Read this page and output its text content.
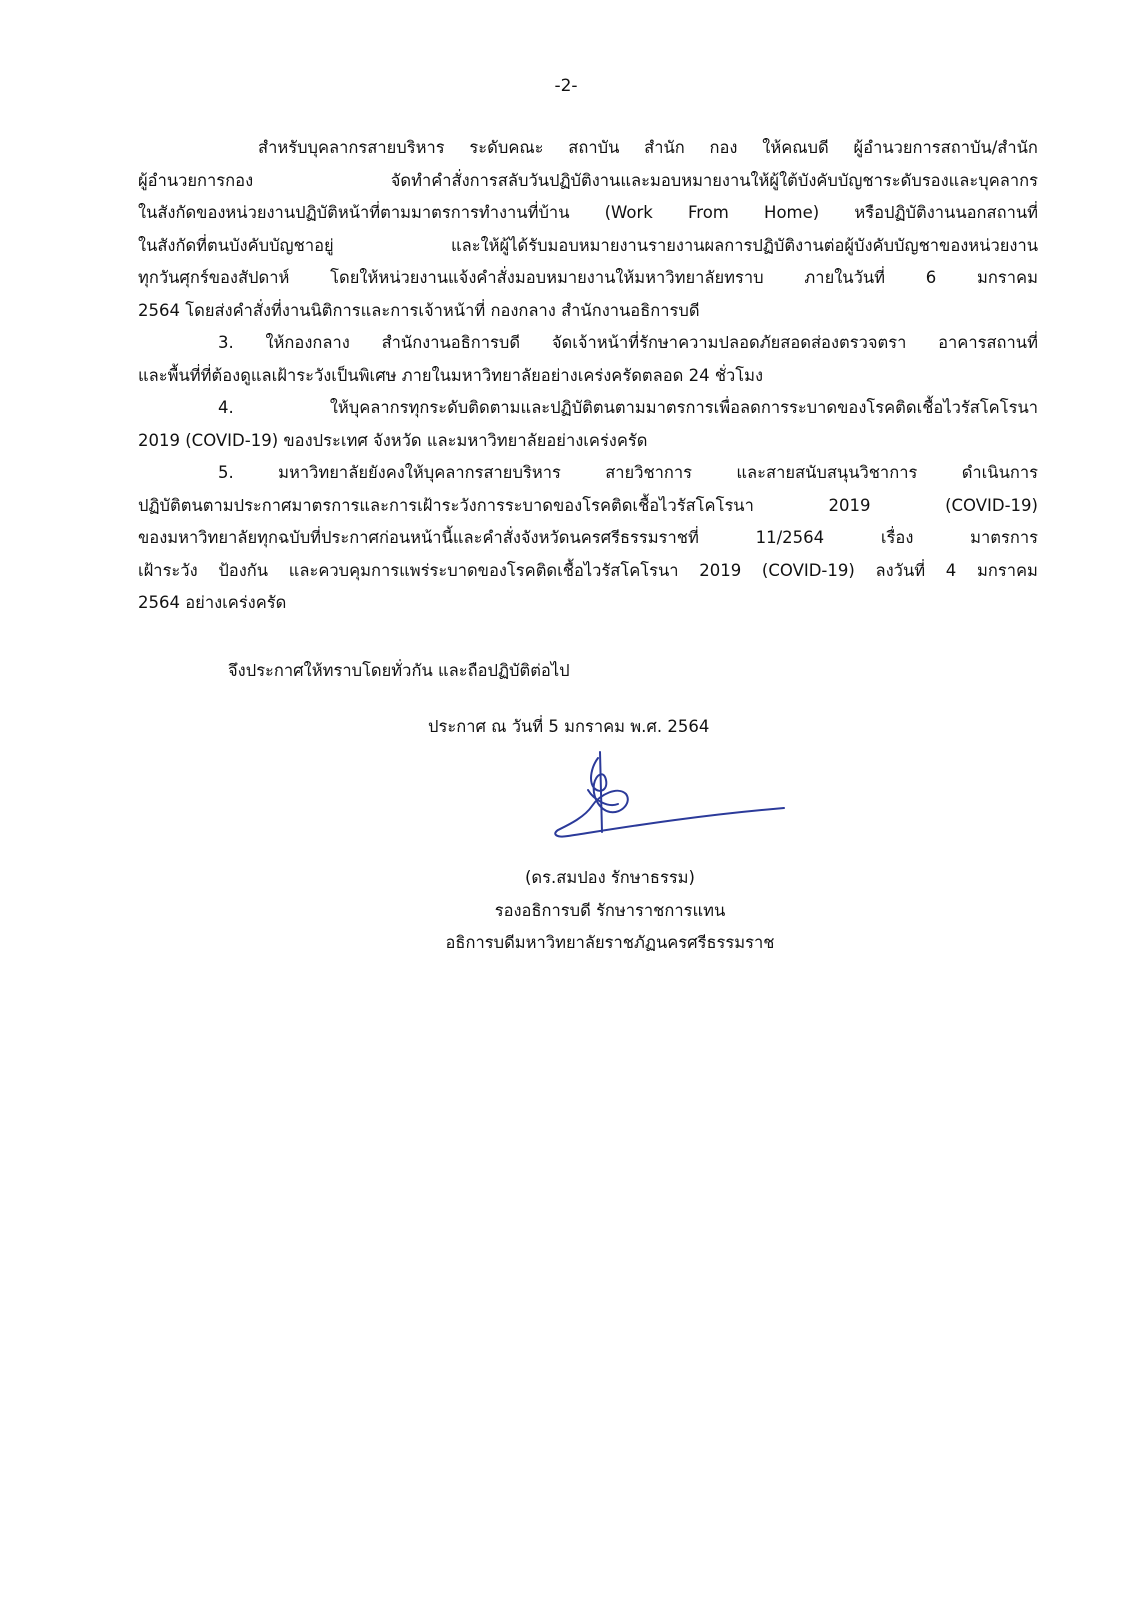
-2-
สำหรับบุคลากรสายบริหาร ระดับคณะ สถาบัน สำนัก กอง ให้คณบดี ผู้อำนวยการสถาบัน/สำนัก
ผู้อำนวยการกอง	จัดทำคำสั่งการสลับวันปฏิบัติงานและมอบหมายงานให้ผู้ใต้บังคับบัญชาระดับรองและบุคลากร
ในสังกัดของหน่วยงานปฏิบัติหน้าที่ตามมาตรการทำงานที่บ้าน (Work From Home) หรือปฏิบัติงานนอกสถานที่
ในสังกัดที่ตนบังคับบัญชาอยู่	และให้ผู้ได้รับมอบหมายงานรายงานผลการปฏิบัติงานต่อผู้บังคับบัญชาของหน่วยงาน
ทุกวันศุกร์ของสัปดาห์ โดยให้หน่วยงานแจ้งคำสั่งมอบหมายงานให้มหาวิทยาลัยทราบ ภายในวันที่ 6 มกราคม
2564 โดยส่งคำสั่งที่งานนิติการและการเจ้าหน้าที่ กองกลาง สำนักงานอธิการบดี
3. ให้กองกลาง สำนักงานอธิการบดี จัดเจ้าหน้าที่รักษาความปลอดภัยสอดส่องตรวจตรา อาคารสถานที่
และพื้นที่ที่ต้องดูแลเฝ้าระวังเป็นพิเศษ ภายในมหาวิทยาลัยอย่างเคร่งครัดตลอด 24 ชั่วโมง
4.	ให้บุคลากรทุกระดับติดตามและปฏิบัติตนตามมาตรการเพื่อลดการระบาดของโรคติดเชื้อไวรัสโคโรนา
2019 (COVID-19) ของประเทศ จังหวัด และมหาวิทยาลัยอย่างเคร่งครัด
5.	มหาวิทยาลัยยังคงให้บุคลากรสายบริหาร	สายวิชาการ	และสายสนับสนุนวิชาการ	ดำเนินการ
ปฏิบัติตนตามประกาศมาตรการและการเฝ้าระวังการระบาดของโรคติดเชื้อไวรัสโคโรนา	2019	(COVID-19)
ของมหาวิทยาลัยทุกฉบับที่ประกาศก่อนหน้านี้และคำสั่งจังหวัดนครศรีธรรมราชที่	11/2564	เรื่อง	มาตรการ
เฝ้าระวัง ป้องกัน และควบคุมการแพร่ระบาดของโรคติดเชื้อไวรัสโคโรนา 2019 (COVID-19) ลงวันที่ 4 มกราคม
2564 อย่างเคร่งครัด
จึงประกาศให้ทราบโดยทั่วกัน และถือปฏิบัติต่อไป
ประกาศ ณ วันที่ 5 มกราคม พ.ศ. 2564
(ดร.สมปอง รักษาธรรม)
รองอธิการบดี รักษาราชการแทน
อธิการบดีมหาวิทยาลัยราชภัฏนครศรีธรรมราช
